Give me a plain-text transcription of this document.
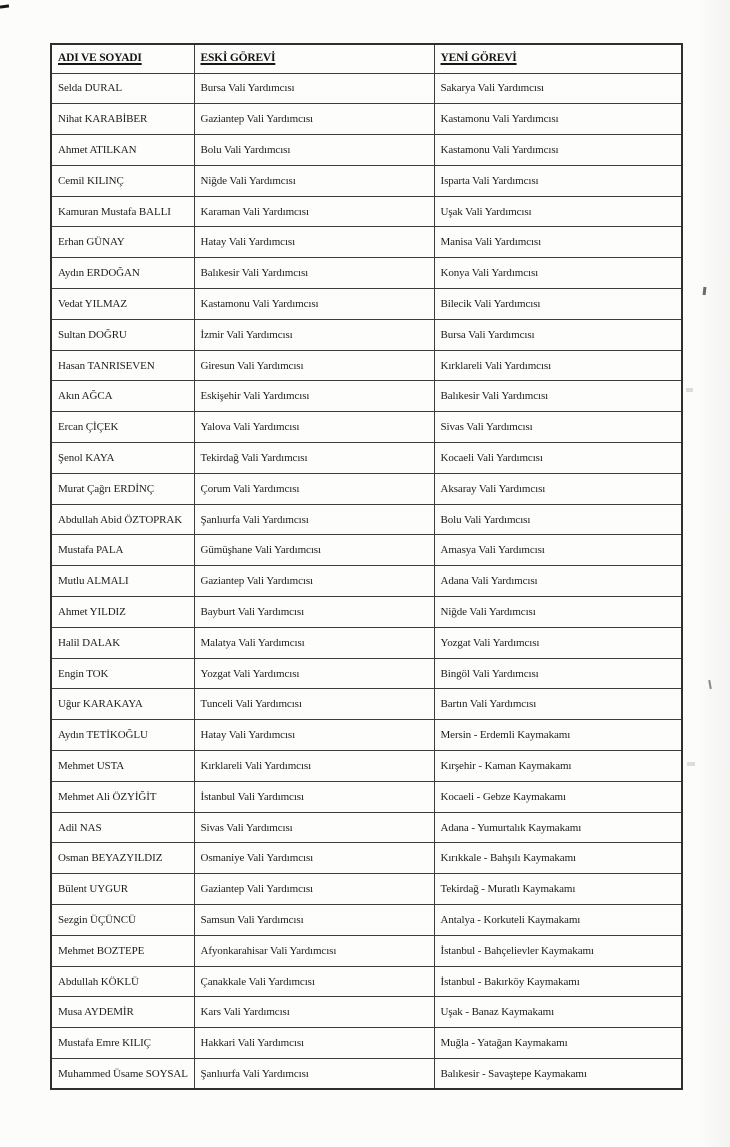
ADI VE SOYADI	ESKİ GÖREVİ	YENİ GÖREVİ
Selda DURAL	Bursa Vali Yardımcısı	Sakarya Vali Yardımcısı
Nihat KARABİBER	Gaziantep Vali Yardımcısı	Kastamonu Vali Yardımcısı
Ahmet ATILKAN	Bolu Vali Yardımcısı	Kastamonu Vali Yardımcısı
Cemil KILINÇ	Niğde Vali Yardımcısı	Isparta Vali Yardımcısı
Kamuran Mustafa BALLI	Karaman Vali Yardımcısı	Uşak Vali Yardımcısı
Erhan GÜNAY	Hatay Vali Yardımcısı	Manisa Vali Yardımcısı
Aydın ERDOĞAN	Balıkesir Vali Yardımcısı	Konya Vali Yardımcısı
Vedat YILMAZ	Kastamonu Vali Yardımcısı	Bilecik Vali Yardımcısı
Sultan DOĞRU	İzmir Vali Yardımcısı	Bursa Vali Yardımcısı
Hasan TANRISEVEN	Giresun Vali Yardımcısı	Kırklareli Vali Yardımcısı
Akın AĞCA	Eskişehir Vali Yardımcısı	Balıkesir Vali Yardımcısı
Ercan ÇİÇEK	Yalova Vali Yardımcısı	Sivas Vali Yardımcısı
Şenol KAYA	Tekirdağ Vali Yardımcısı	Kocaeli Vali Yardımcısı
Murat Çağrı ERDİNÇ	Çorum Vali Yardımcısı	Aksaray Vali Yardımcısı
Abdullah Abid ÖZTOPRAK	Şanlıurfa Vali Yardımcısı	Bolu Vali Yardımcısı
Mustafa PALA	Gümüşhane Vali Yardımcısı	Amasya Vali Yardımcısı
Mutlu ALMALI	Gaziantep Vali Yardımcısı	Adana Vali Yardımcısı
Ahmet YILDIZ	Bayburt Vali Yardımcısı	Niğde Vali Yardımcısı
Halil DALAK	Malatya Vali Yardımcısı	Yozgat Vali Yardımcısı
Engin TOK	Yozgat Vali Yardımcısı	Bingöl Vali Yardımcısı
Uğur KARAKAYA	Tunceli Vali Yardımcısı	Bartın Vali Yardımcısı
Aydın TETİKOĞLU	Hatay Vali Yardımcısı	Mersin - Erdemli Kaymakamı
Mehmet USTA	Kırklareli Vali Yardımcısı	Kırşehir - Kaman Kaymakamı
Mehmet Ali ÖZYİĞİT	İstanbul Vali Yardımcısı	Kocaeli - Gebze Kaymakamı
Adil NAS	Sivas Vali Yardımcısı	Adana - Yumurtalık Kaymakamı
Osman BEYAZYILDIZ	Osmaniye Vali Yardımcısı	Kırıkkale - Bahşılı Kaymakamı
Bülent UYGUR	Gaziantep Vali Yardımcısı	Tekirdağ - Muratlı Kaymakamı
Sezgin ÜÇÜNCÜ	Samsun Vali Yardımcısı	Antalya - Korkuteli Kaymakamı
Mehmet BOZTEPE	Afyonkarahisar Vali Yardımcısı	İstanbul - Bahçelievler Kaymakamı
Abdullah KÖKLÜ	Çanakkale Vali Yardımcısı	İstanbul - Bakırköy Kaymakamı
Musa AYDEMİR	Kars Vali Yardımcısı	Uşak - Banaz Kaymakamı
Mustafa Emre KILIÇ	Hakkari Vali Yardımcısı	Muğla - Yatağan Kaymakamı
Muhammed Üsame SOYSAL	Şanlıurfa Vali Yardımcısı	Balıkesir - Savaştepe Kaymakamı
